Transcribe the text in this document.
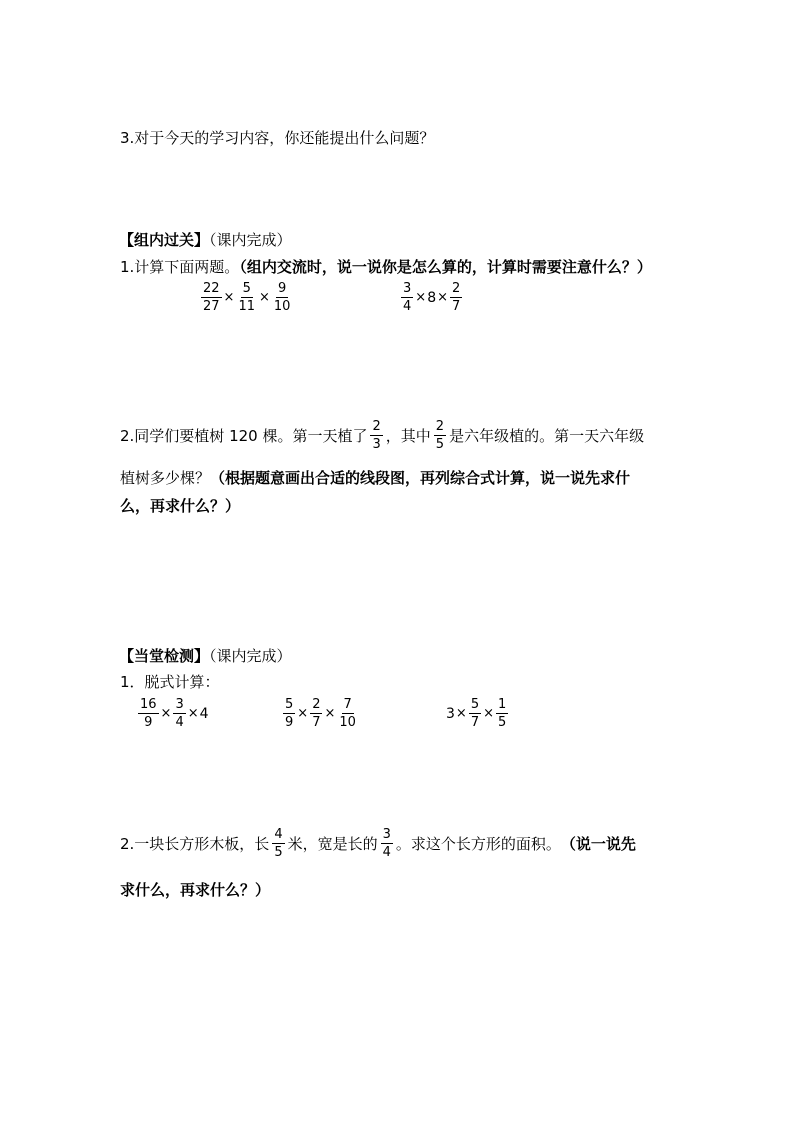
3.对于今天的学习内容，你还能提出什么问题？
【组内过关】（课内完成）
1.计算下面两题。（组内交流时，说一说你是怎么算的，计算时需要注意什么？）
$\frac{22}{27} \times \frac{5}{11} \times \frac{9}{10}$	$\frac{3}{4} \times 8 \times \frac{2}{7}$
2.同学们要植树 120 棵。第一天植了 $\frac{2}{3}$ ，其中 $\frac{2}{5}$ 是六年级植的。第一天六年级
植树多少棵？（根据题意画出合适的线段图，再列综合式计算，说一说先求什
么，再求什么？）
【当堂检测】（课内完成）
1．脱式计算：
$\frac{16}{9} \times \frac{3}{4} \times 4$	$\frac{5}{9} \times \frac{2}{7} \times \frac{7}{10}$	$3 \times \frac{5}{7} \times \frac{1}{5}$
2.一块长方形木板，长 $\frac{4}{5}$ 米，宽是长的 $\frac{3}{4}$ 。求这个长方形的面积。 （说一说先
求什么，再求什么？）
